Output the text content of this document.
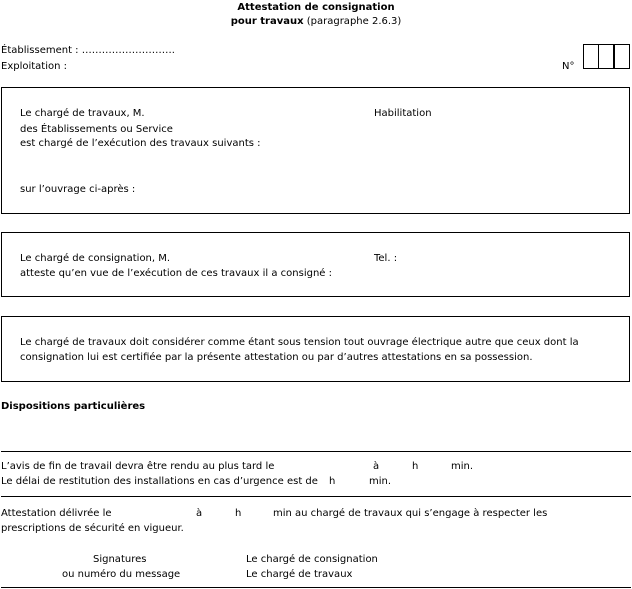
Attestation de consignation
pour travaux (paragraphe 2.6.3)
Établissement : ……………………….
Exploitation :	N°
Le chargé de travaux, M.	Habilitation
des Établissements ou Service
est chargé de l’exécution des travaux suivants :
sur l’ouvrage ci-après :
Le chargé de consignation, M.	Tel. :
atteste qu’en vue de l’exécution de ces travaux il a consigné :
Le chargé de travaux doit considérer comme étant sous tension tout ouvrage électrique autre que ceux dont la
consignation lui est certifiée par la présente attestation ou par d’autres attestations en sa possession.
Dispositions particulières
L’avis de fin de travail devra être rendu au plus tard le	à	h	min.
Le délai de restitution des installations en cas d’urgence est de h	min.
Attestation délivrée le	à	h	min au chargé de travaux qui s’engage à respecter les
prescriptions de sécurité en vigueur.
Signatures
ou numéro du message
Le chargé de consignation
Le chargé de travaux
